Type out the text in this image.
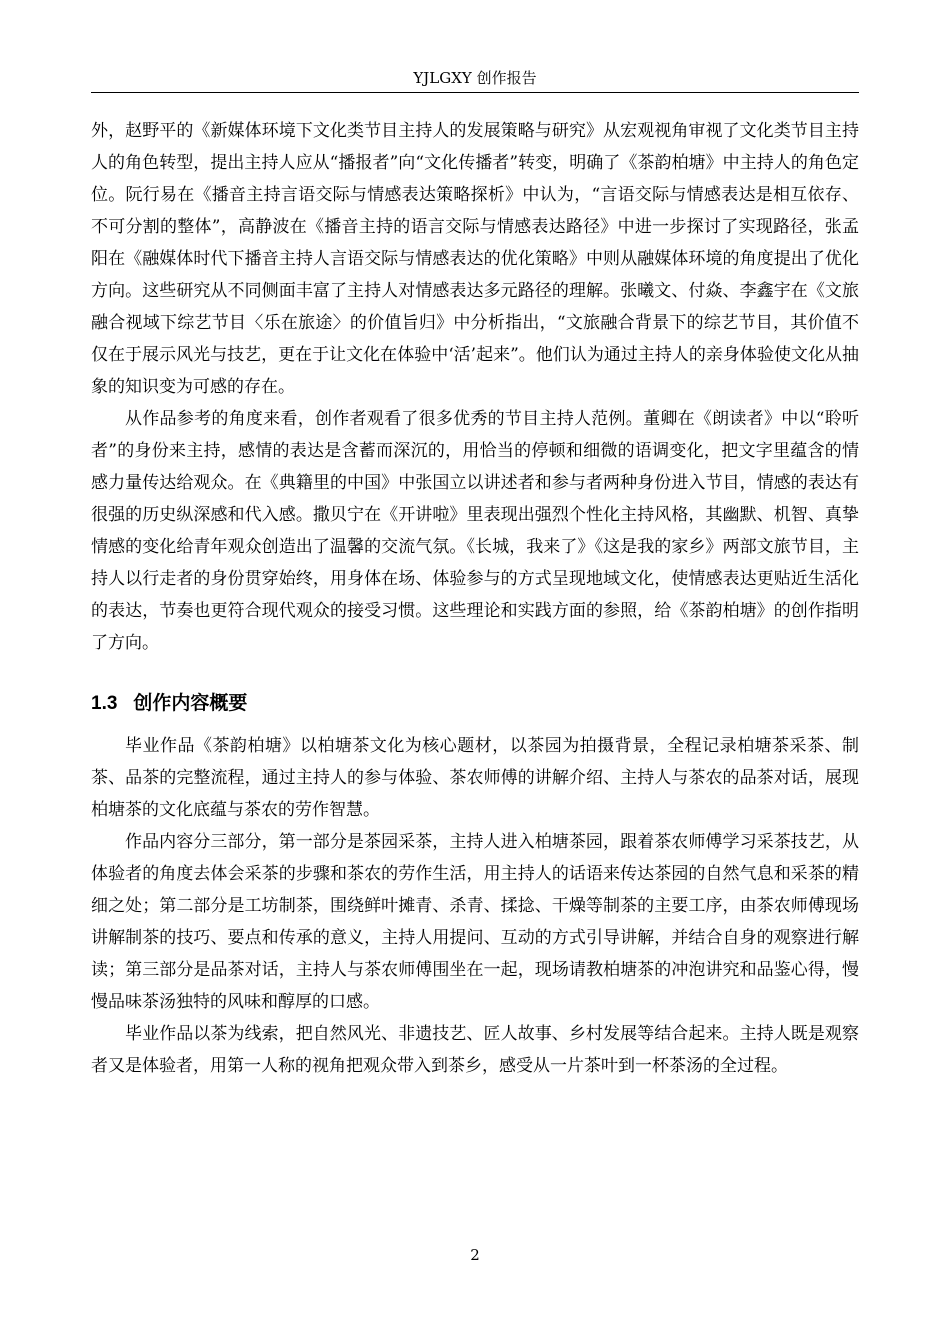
YJLGXY 创作报告

外，赵野平的《新媒体环境下文化类节目主持人的发展策略与研究》从宏观视角审视了文化类节目主持人的角色转型，提出主持人应从“播报者”向“文化传播者”转变，明确了《茶韵柏塘》中主持人的角色定位。阮行易在《播音主持言语交际与情感表达策略探析》中认为，“言语交际与情感表达是相互依存、不可分割的整体”，高静波在《播音主持的语言交际与情感表达路径》中进一步探讨了实现路径，张孟阳在《融媒体时代下播音主持人言语交际与情感表达的优化策略》中则从融媒体环境的角度提出了优化方向。这些研究从不同侧面丰富了主持人对情感表达多元路径的理解。张曦文、付焱、李鑫宇在《文旅融合视域下综艺节目〈乐在旅途〉的价值旨归》中分析指出，“文旅融合背景下的综艺节目，其价值不仅在于展示风光与技艺，更在于让文化在体验中‘活’起来”。他们认为通过主持人的亲身体验使文化从抽象的知识变为可感的存在。

从作品参考的角度来看，创作者观看了很多优秀的节目主持人范例。董卿在《朗读者》中以“聆听者”的身份来主持，感情的表达是含蓄而深沉的，用恰当的停顿和细微的语调变化，把文字里蕴含的情感力量传达给观众。在《典籍里的中国》中张国立以讲述者和参与者两种身份进入节目，情感的表达有很强的历史纵深感和代入感。撒贝宁在《开讲啦》里表现出强烈个性化主持风格，其幽默、机智、真挚情感的变化给青年观众创造出了温馨的交流气氛。《长城，我来了》《这是我的家乡》两部文旅节目，主持人以行走者的身份贯穿始终，用身体在场、体验参与的方式呈现地域文化，使情感表达更贴近生活化的表达，节奏也更符合现代观众的接受习惯。这些理论和实践方面的参照，给《茶韵柏塘》的创作指明了方向。

1.3 创作内容概要

毕业作品《茶韵柏塘》以柏塘茶文化为核心题材，以茶园为拍摄背景，全程记录柏塘茶采茶、制茶、品茶的完整流程，通过主持人的参与体验、茶农师傅的讲解介绍、主持人与茶农的品茶对话，展现柏塘茶的文化底蕴与茶农的劳作智慧。

作品内容分三部分，第一部分是茶园采茶，主持人进入柏塘茶园，跟着茶农师傅学习采茶技艺，从体验者的角度去体会采茶的步骤和茶农的劳作生活，用主持人的话语来传达茶园的自然气息和采茶的精细之处；第二部分是工坊制茶，围绕鲜叶摊青、杀青、揉捻、干燥等制茶的主要工序，由茶农师傅现场讲解制茶的技巧、要点和传承的意义，主持人用提问、互动的方式引导讲解，并结合自身的观察进行解读；第三部分是品茶对话，主持人与茶农师傅围坐在一起，现场请教柏塘茶的冲泡讲究和品鉴心得，慢慢品味茶汤独特的风味和醇厚的口感。

毕业作品以茶为线索，把自然风光、非遗技艺、匠人故事、乡村发展等结合起来。主持人既是观察者又是体验者，用第一人称的视角把观众带入到茶乡，感受从一片茶叶到一杯茶汤的全过程。

2
